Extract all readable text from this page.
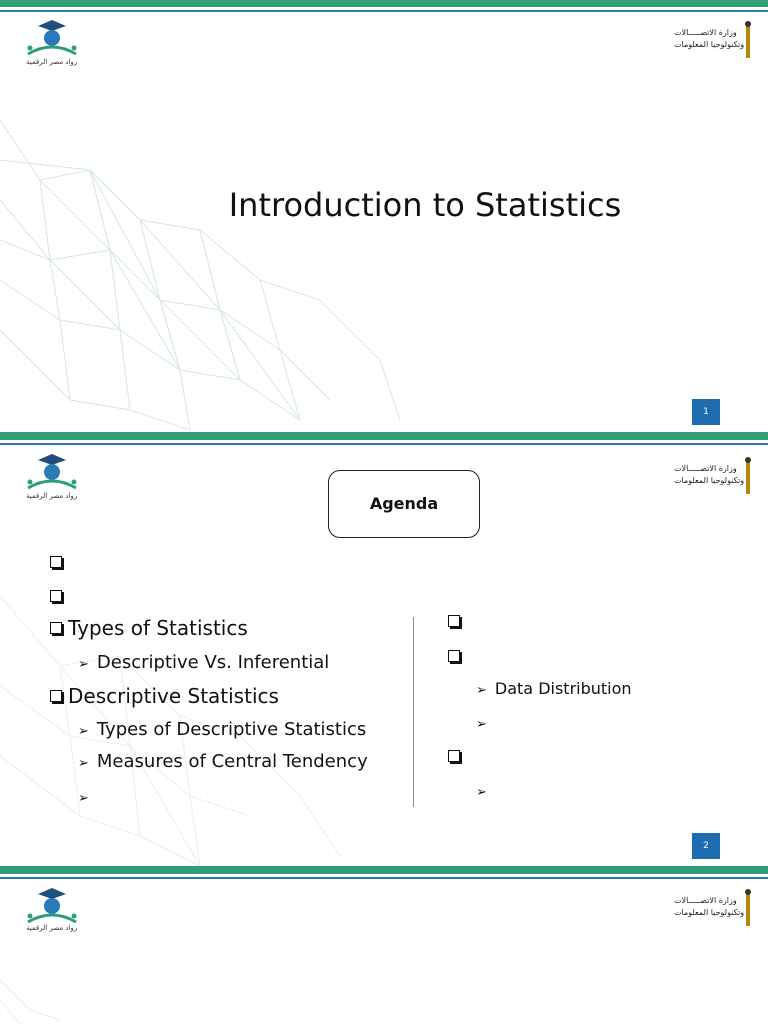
رواد مصر الرقمية
وزارة الاتصـــــالات
وتكنولوجيا المعلومات
Introduction to Statistics
1
رواد مصر الرقمية
وزارة الاتصـــــالات
وتكنولوجيا المعلومات
Agenda
Types of Statistics
➢ Descriptive Vs. Inferential
Descriptive Statistics
➢ Types of Descriptive Statistics
➢ Measures of Central Tendency
➢
➢ Data Distribution
➢
➢
2
رواد مصر الرقمية
وزارة الاتصـــــالات
وتكنولوجيا المعلومات
